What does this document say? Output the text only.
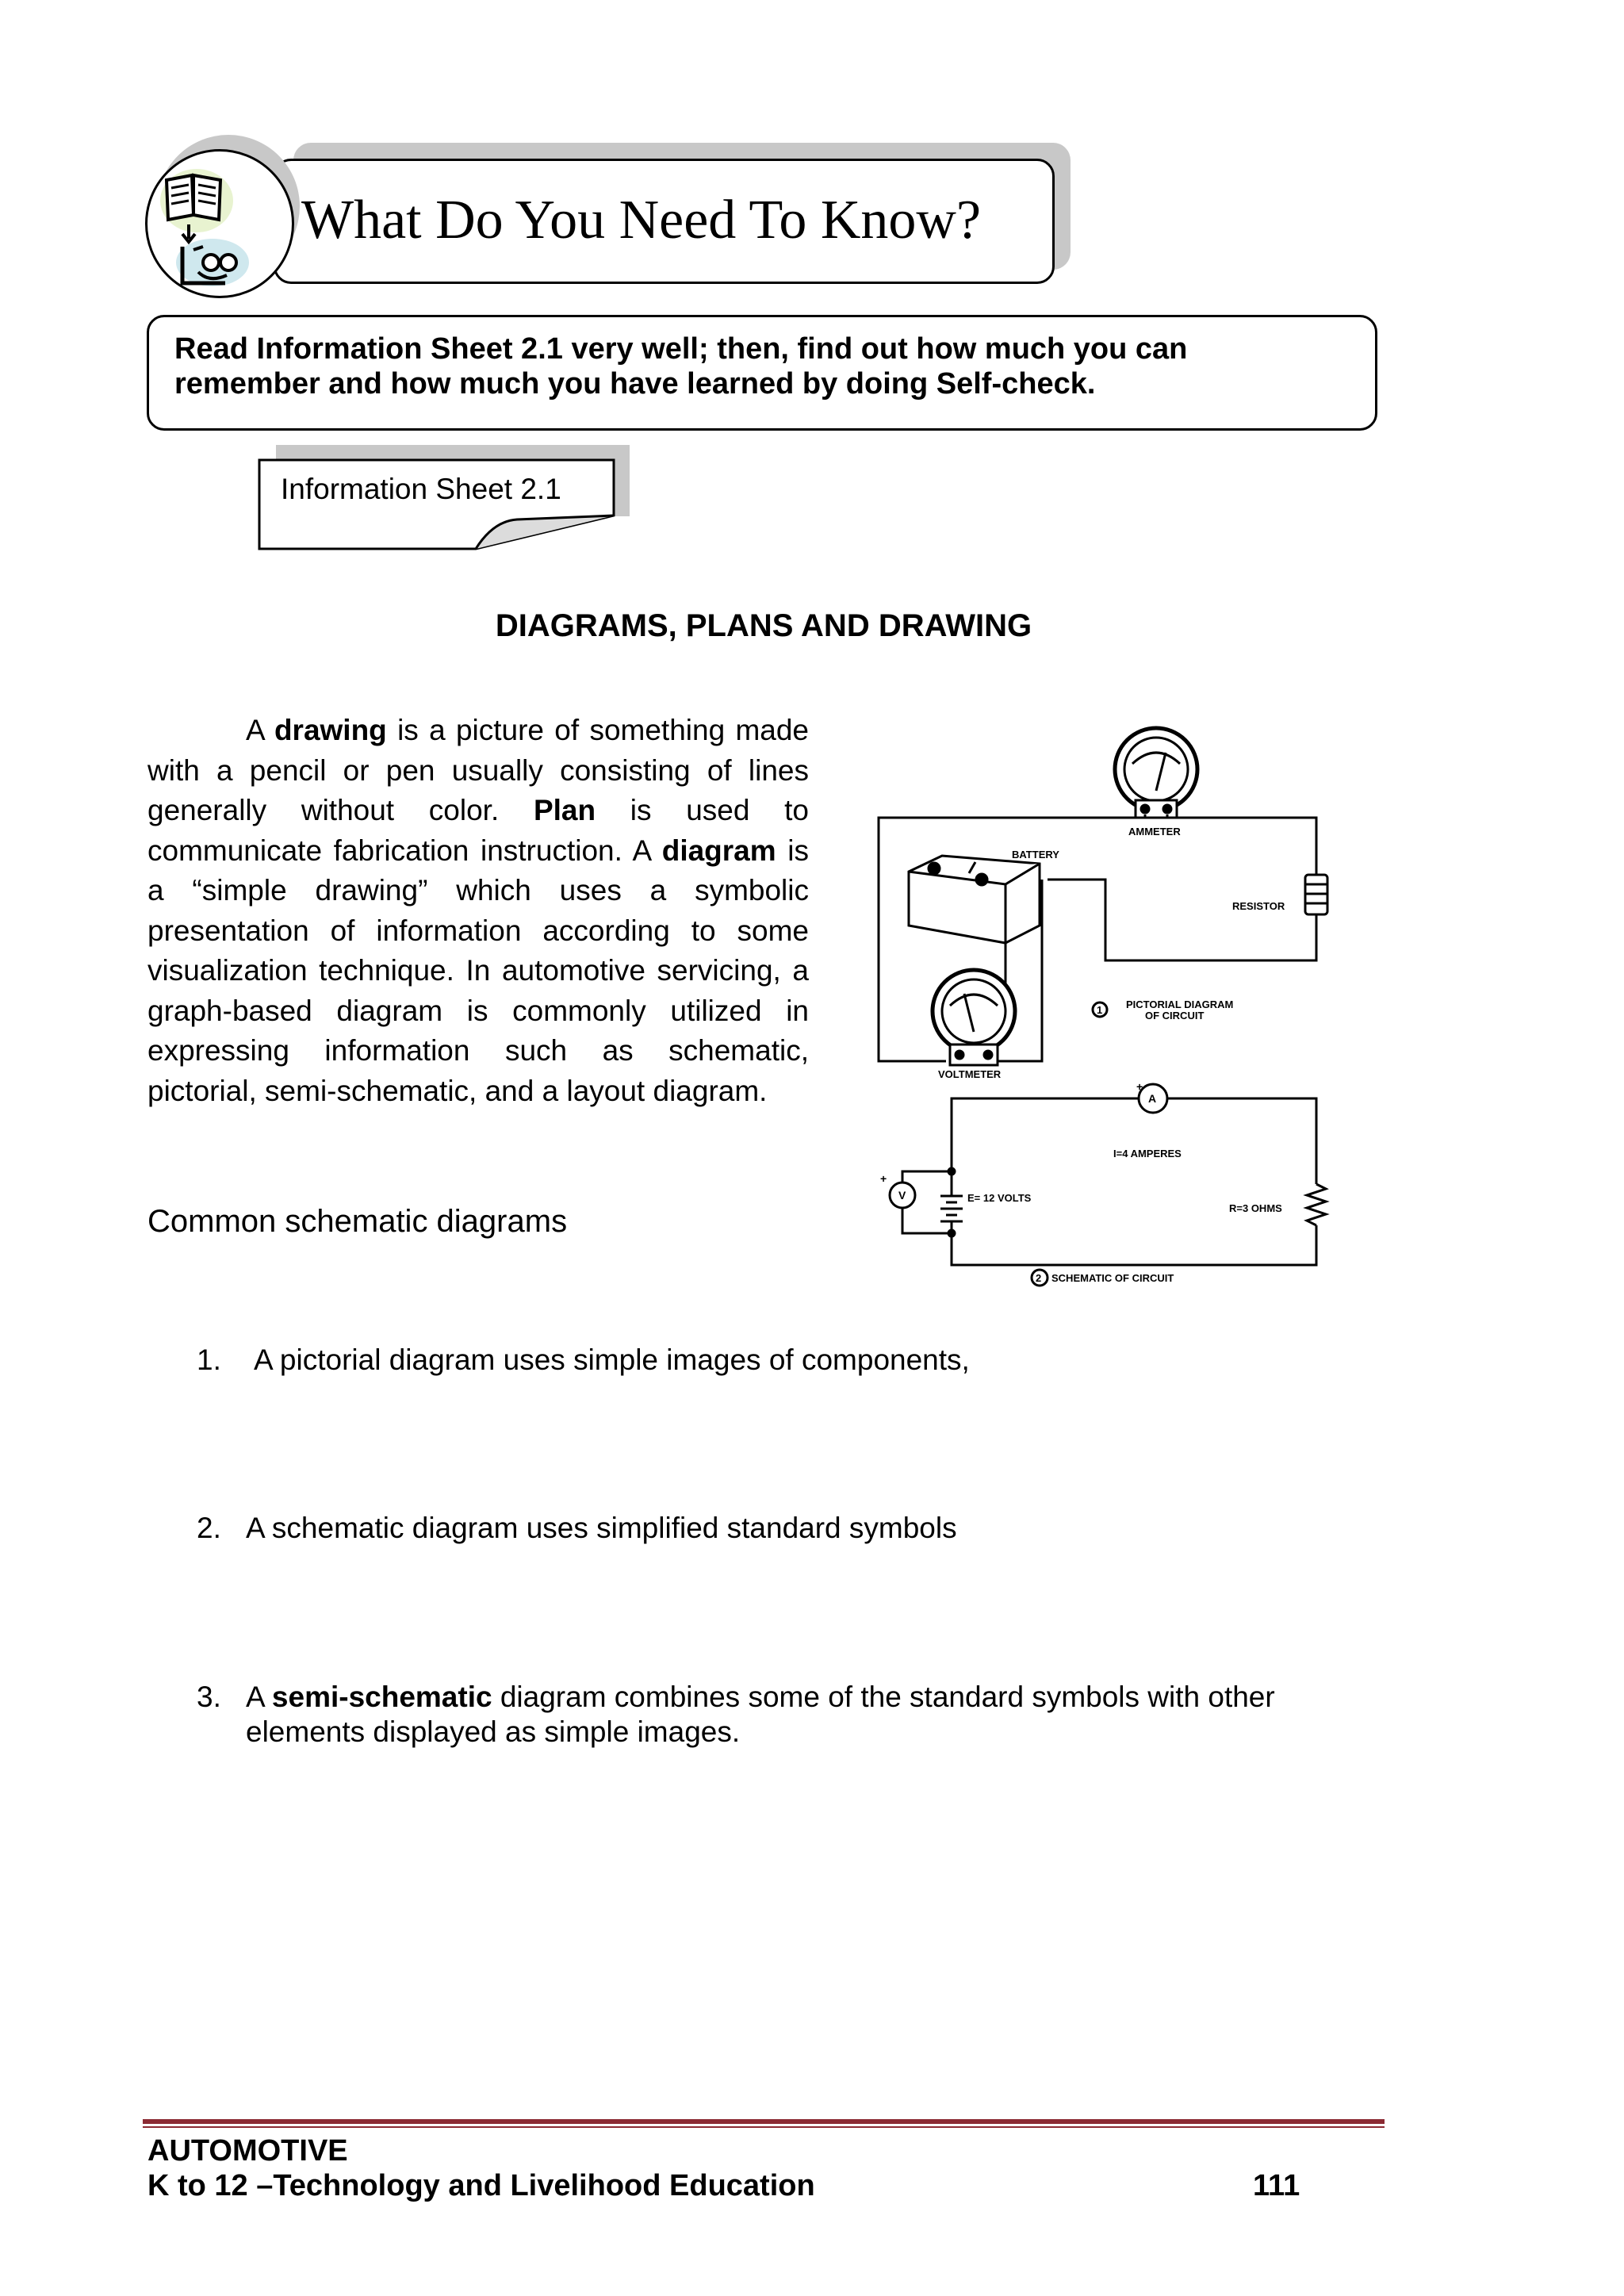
What Do You Need To Know?
Read Information Sheet 2.1 very well; then, find out how much you can
remember and how much you have learned by doing Self-check.
Information Sheet 2.1
DIAGRAMS, PLANS AND DRAWING
A drawing is a picture of something made with a pencil or pen usually consisting of lines generally without color. Plan is used to communicate fabrication instruction. A diagram is a “simple drawing” which uses a symbolic presentation of information according to some visualization technique. In automotive servicing, a graph-based diagram is commonly utilized in expressing information such as schematic, pictorial, semi-schematic, and a layout diagram.
AMMETER
BATTERY
RESISTOR
VOLTMETER
1 PICTORIAL DIAGRAM
OF CIRCUIT
A
+
V
+
I=4 AMPERES
E= 12 VOLTS
R=3 OHMS
2 SCHEMATIC OF CIRCUIT
Common schematic diagrams
1. A pictorial diagram uses simple images of components,
2. A schematic diagram uses simplified standard symbols
3. A semi-schematic diagram combines some of the standard symbols with other elements displayed as simple images.
AUTOMOTIVE
K to 12 –Technology and Livelihood Education	111
